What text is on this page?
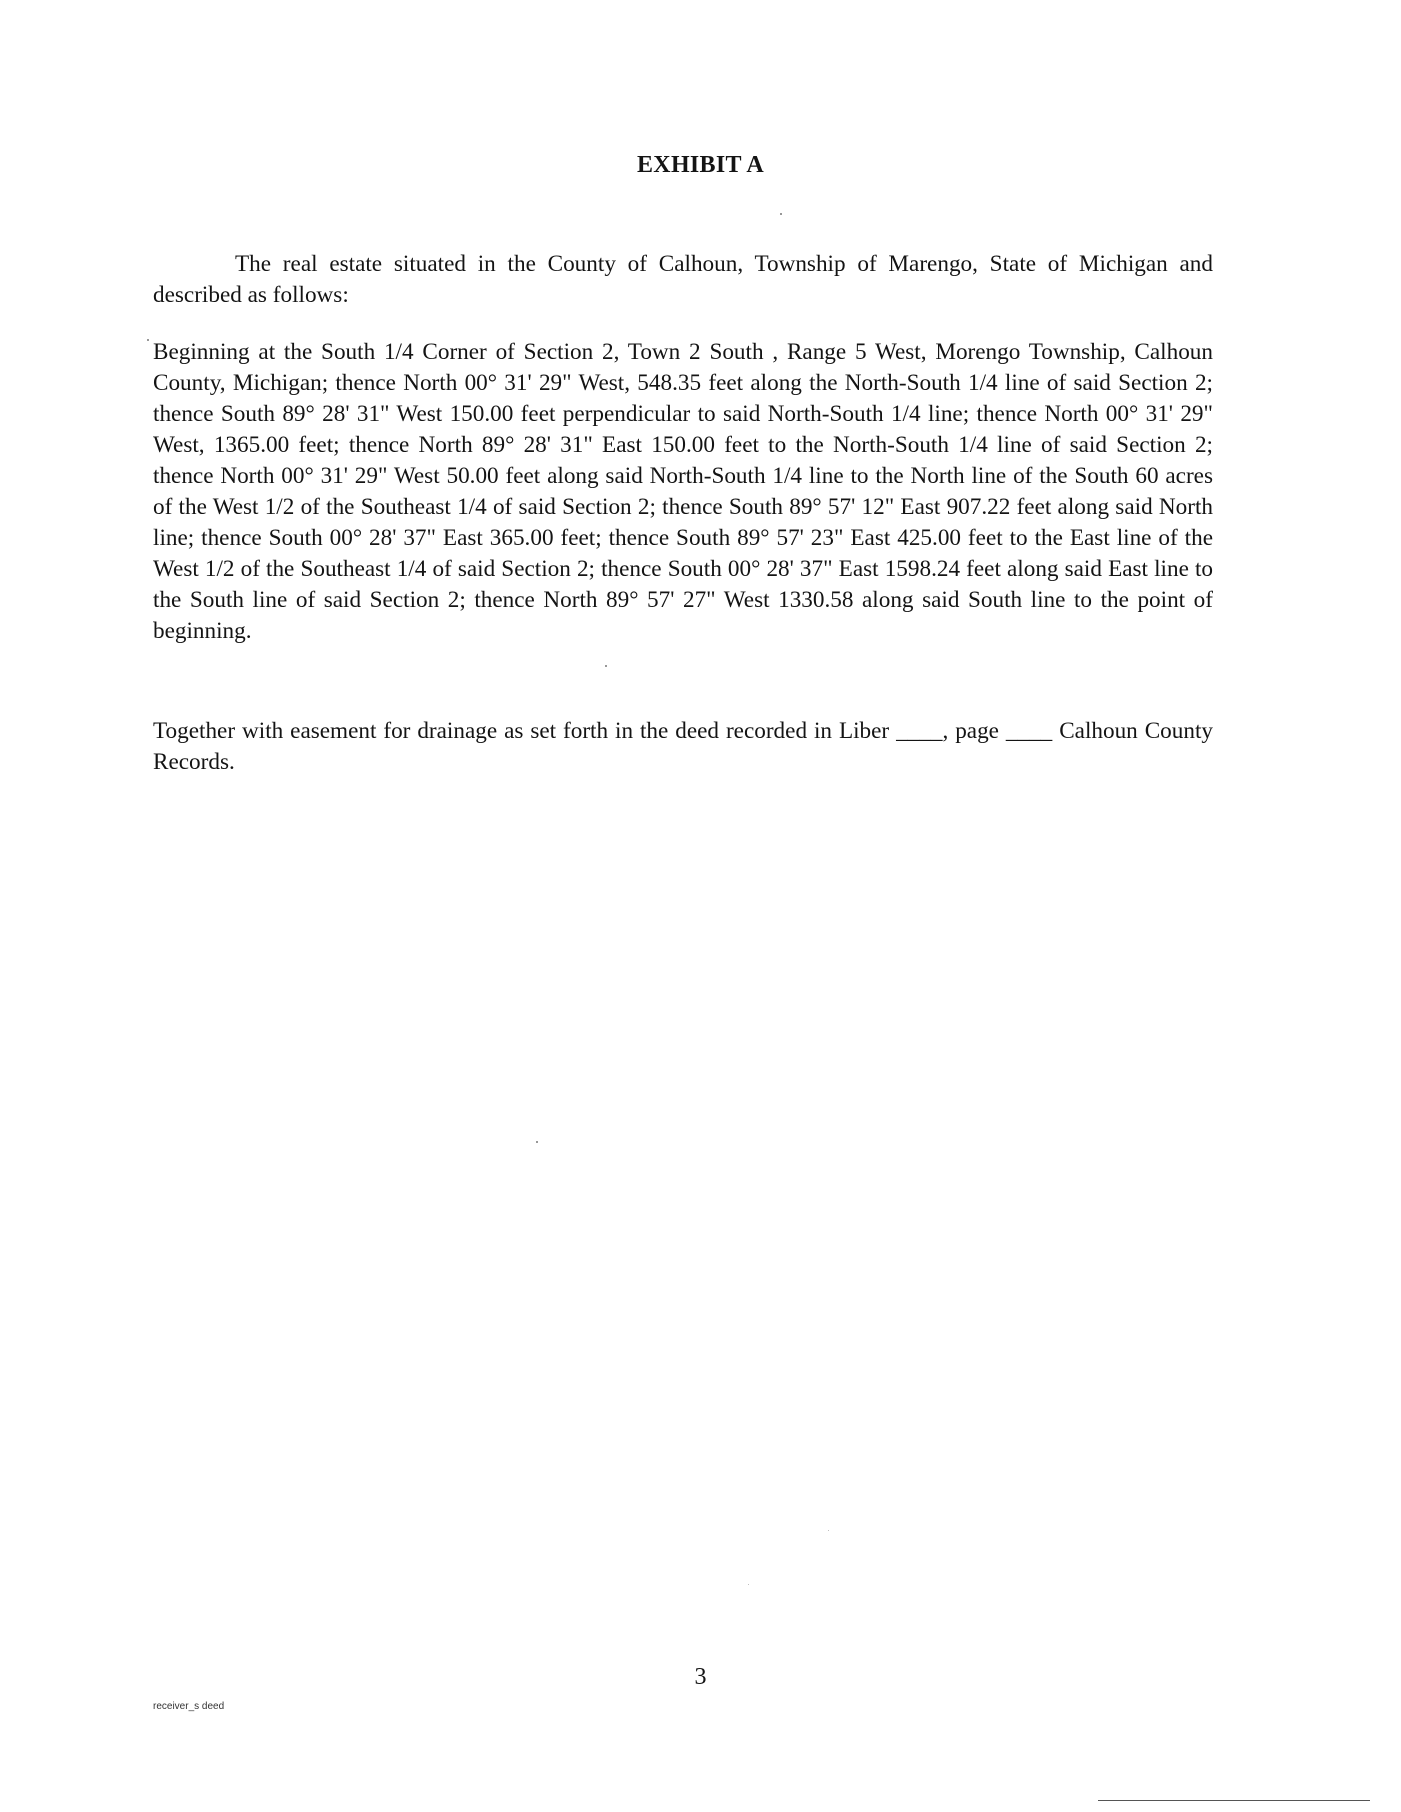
EXHIBIT A

The real estate situated in the County of Calhoun, Township of Marengo, State of Michigan and described as follows:

Beginning at the South 1/4 Corner of Section 2, Town 2 South , Range 5 West, Morengo Township, Calhoun County, Michigan; thence North 00° 31' 29" West, 548.35 feet along the North-South 1/4 line of said Section 2; thence South 89° 28' 31" West 150.00 feet perpendicular to said North-South 1/4 line; thence North 00° 31' 29" West, 1365.00 feet; thence North 89° 28' 31" East 150.00 feet to the North-South 1/4 line of said Section 2; thence North 00° 31' 29" West 50.00 feet along said North-South 1/4 line to the North line of the South 60 acres of the West 1/2 of the Southeast 1/4 of said Section 2; thence South 89° 57' 12" East 907.22 feet along said North line; thence South 00° 28' 37" East 365.00 feet; thence South 89° 57' 23" East 425.00 feet to the East line of the West 1/2 of the Southeast 1/4 of said Section 2; thence South 00° 28' 37" East 1598.24 feet along said East line to the South line of said Section 2; thence North 89° 57' 27" West 1330.58 along said South line to the point of beginning.

Together with easement for drainage as set forth in the deed recorded in Liber ____, page ____ Calhoun County Records.

3
receiver_s deed
